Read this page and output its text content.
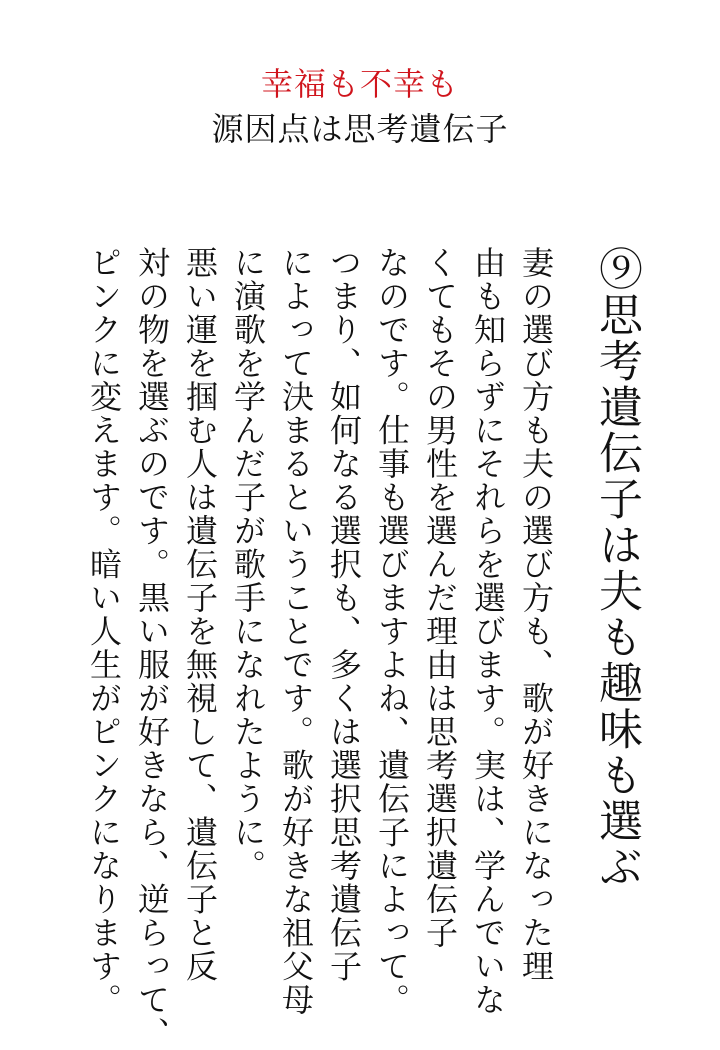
幸福も不幸も
源因点は思考遺伝子
⑨思考遺伝子は夫も趣味も選ぶ

妻の選び方も夫の選び方も、歌が好きになった理

由も知らずにそれらを選びます。実は、学んでいな

くてもその男性を選んだ理由は思考選択遺伝子

なのです。仕事も選びますよね、遺伝子によって。

つまり、如何なる選択も、多くは選択思考遺伝子

によって決まるということです。歌が好きな祖父母

に演歌を学んだ子が歌手になれたように。

悪い運を掴む人は遺伝子を無視して、遺伝子と反

対の物を選ぶのです。黒い服が好きなら、逆らって、

ピンクに変えます。暗い人生がピンクになります。
